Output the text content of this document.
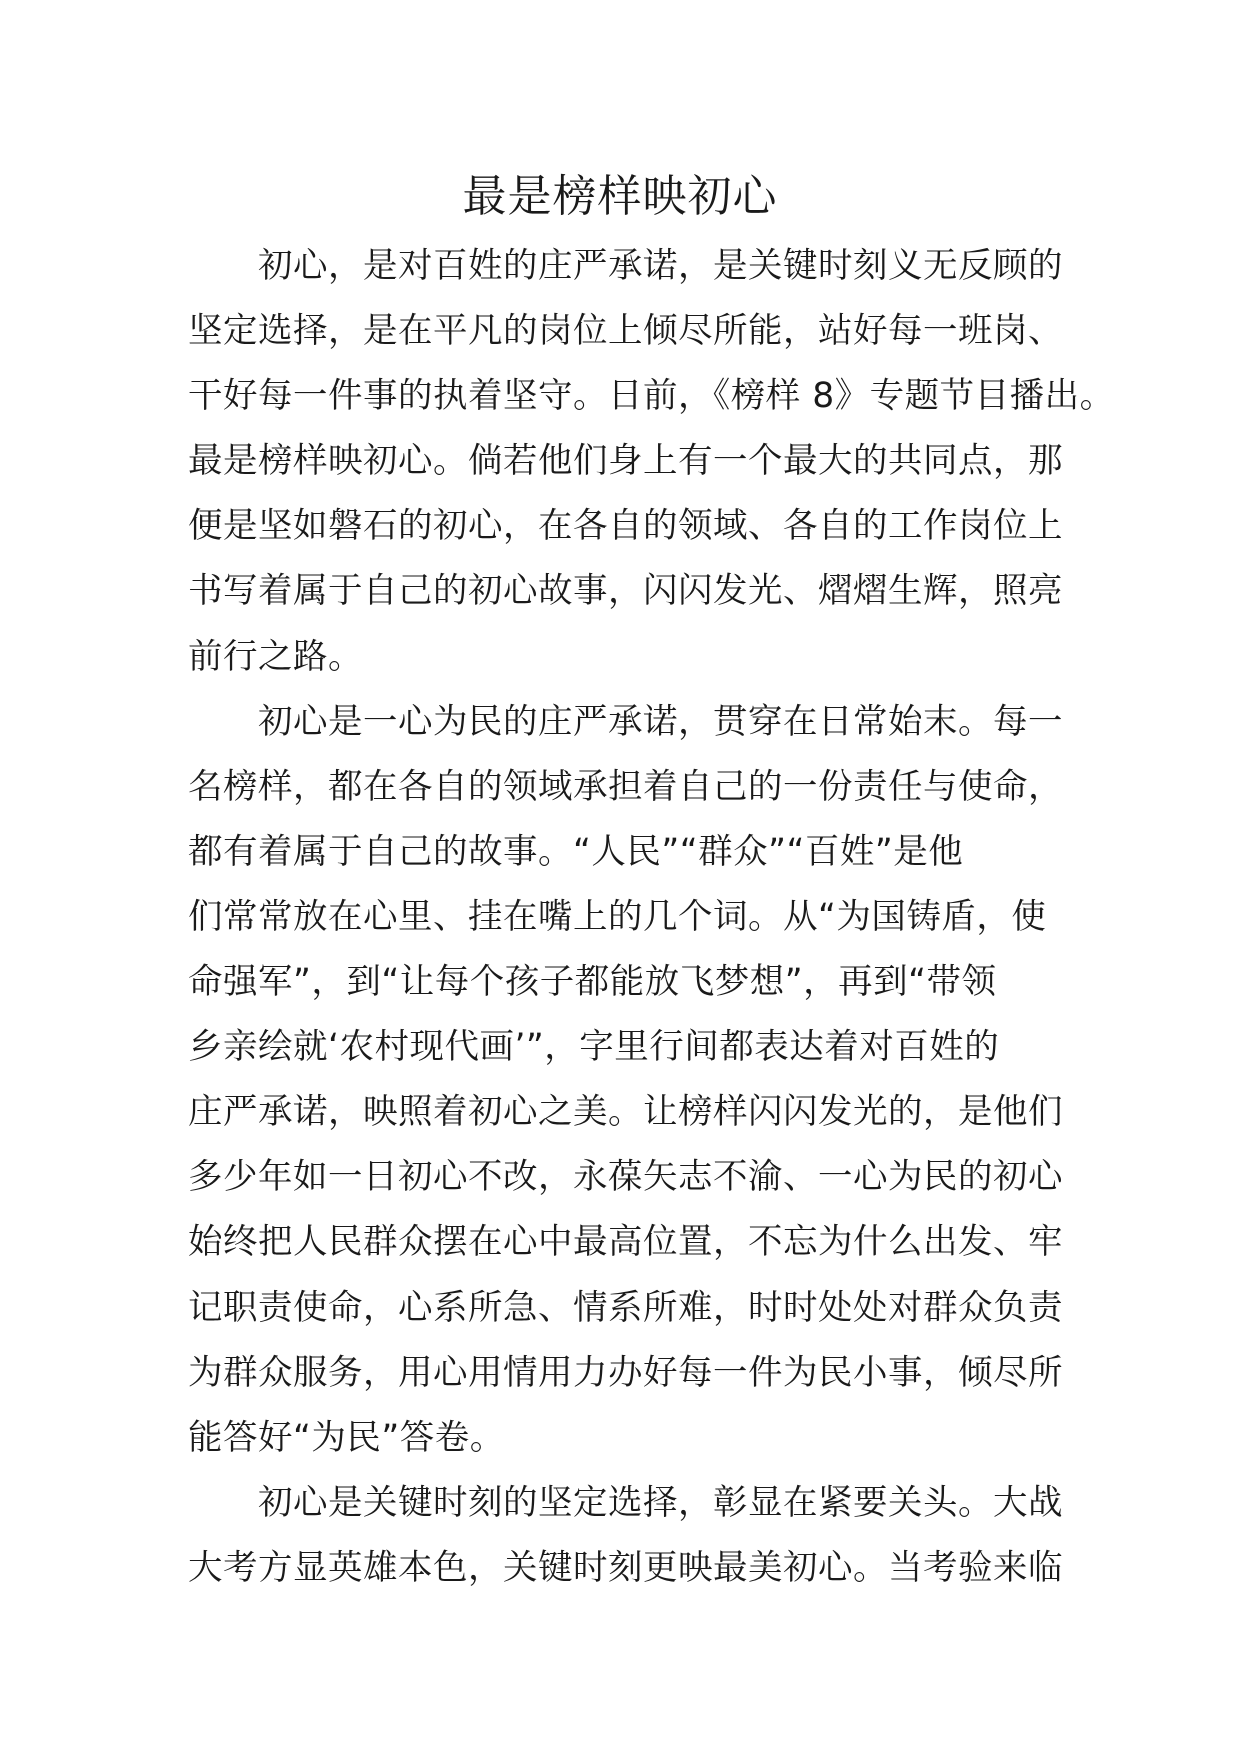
最是榜样映初心
初心，是对百姓的庄严承诺，是关键时刻义无反顾的
坚定选择，是在平凡的岗位上倾尽所能，站好每一班岗、
干好每一件事的执着坚守。日前，《榜样 8》专题节目播出。
最是榜样映初心。倘若他们身上有一个最大的共同点，那
便是坚如磐石的初心，在各自的领域、各自的工作岗位上
书写着属于自己的初心故事，闪闪发光、熠熠生辉，照亮
前行之路。
初心是一心为民的庄严承诺，贯穿在日常始末。每一
名榜样，都在各自的领域承担着自己的一份责任与使命，
都有着属于自己的故事。“人民”“群众”“百姓”是他
们常常放在心里、挂在嘴上的几个词。从“为国铸盾，使
命强军”，到“让每个孩子都能放飞梦想”，再到“带领
乡亲绘就‘农村现代画’”，字里行间都表达着对百姓的
庄严承诺，映照着初心之美。让榜样闪闪发光的，是他们
多少年如一日初心不改，永葆矢志不渝、一心为民的初心
始终把人民群众摆在心中最高位置，不忘为什么出发、牢
记职责使命，心系所急、情系所难，时时处处对群众负责
为群众服务，用心用情用力办好每一件为民小事，倾尽所
能答好“为民”答卷。
初心是关键时刻的坚定选择，彰显在紧要关头。大战
大考方显英雄本色，关键时刻更映最美初心。当考验来临
